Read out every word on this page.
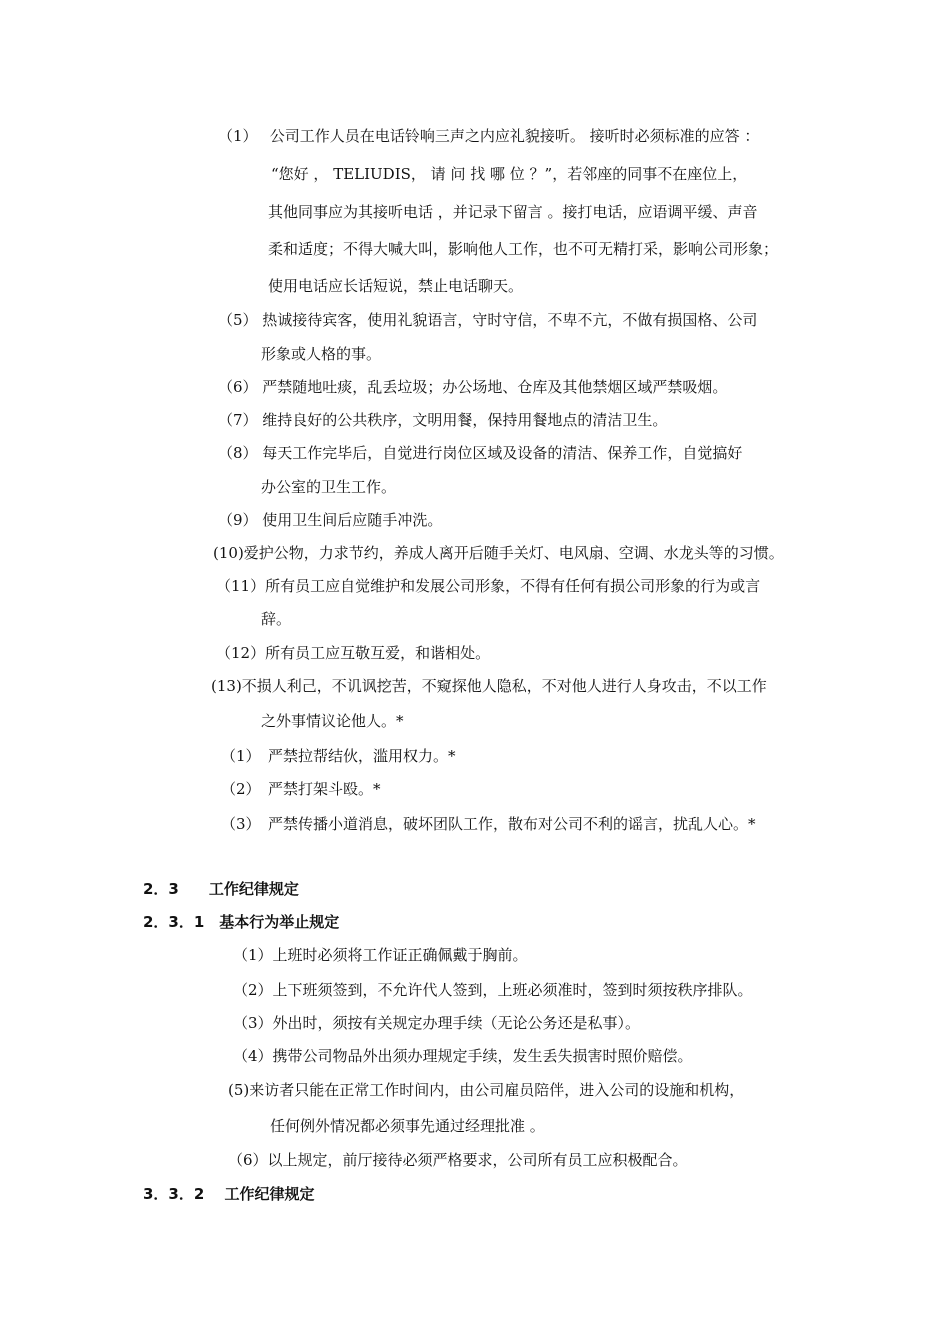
（1）　 公司工作人员在电话铃响三声之内应礼貌接听。 接听时必须标准的应答 ：
“您好 ， TELIUDIS， 请 问 找 哪 位 ？”，若邻座的同事不在座位上，
其他同事应为其接听电话 ，并记录下留言 。接打电话，应语调平缓、声音
柔和适度；不得大喊大叫，影响他人工作，也不可无精打采，影响公司形象；
使用电话应长话短说，禁止电话聊天。
（5） 热诚接待宾客，使用礼貌语言，守时守信，不卑不亢，不做有损国格、公司
形象或人格的事。
（6） 严禁随地吐痰，乱丢垃圾；办公场地、仓库及其他禁烟区域严禁吸烟。
（7） 维持良好的公共秩序，文明用餐，保持用餐地点的清洁卫生。
（8） 每天工作完毕后，自觉进行岗位区域及设备的清洁、保养工作，自觉搞好
办公室的卫生工作。
（9） 使用卫生间后应随手冲洗。
(10)爱护公物，力求节约，养成人离开后随手关灯、电风扇、空调、水龙头等的习惯。
（11）所有员工应自觉维护和发展公司形象，不得有任何有损公司形象的行为或言
辞。
（12）所有员工应互敬互爱，和谐相处。
(13)不损人利己，不讥讽挖苦，不窥探他人隐私，不对他人进行人身攻击，不以工作
之外事情议论他人。*
（1）　严禁拉帮结伙，滥用权力。*
（2）　严禁打架斗殴。*
（3）　严禁传播小道消息，破坏团队工作，散布对公司不利的谣言，扰乱人心。*
2．3　　工作纪律规定
2．3．1　基本行为举止规定
（1）上班时必须将工作证正确佩戴于胸前。
（2）上下班须签到，不允许代人签到，上班必须准时，签到时须按秩序排队。
（3）外出时，须按有关规定办理手续（无论公务还是私事）。
（4）携带公司物品外出须办理规定手续，发生丢失损害时照价赔偿。
(5)来访者只能在正常工作时间内，由公司雇员陪伴，进入公司的设施和机构，
任何例外情况都必须事先通过经理批准 。
（6）以上规定，前厅接待必须严格要求，公司所有员工应积极配合。
3．3．2　 工作纪律规定
